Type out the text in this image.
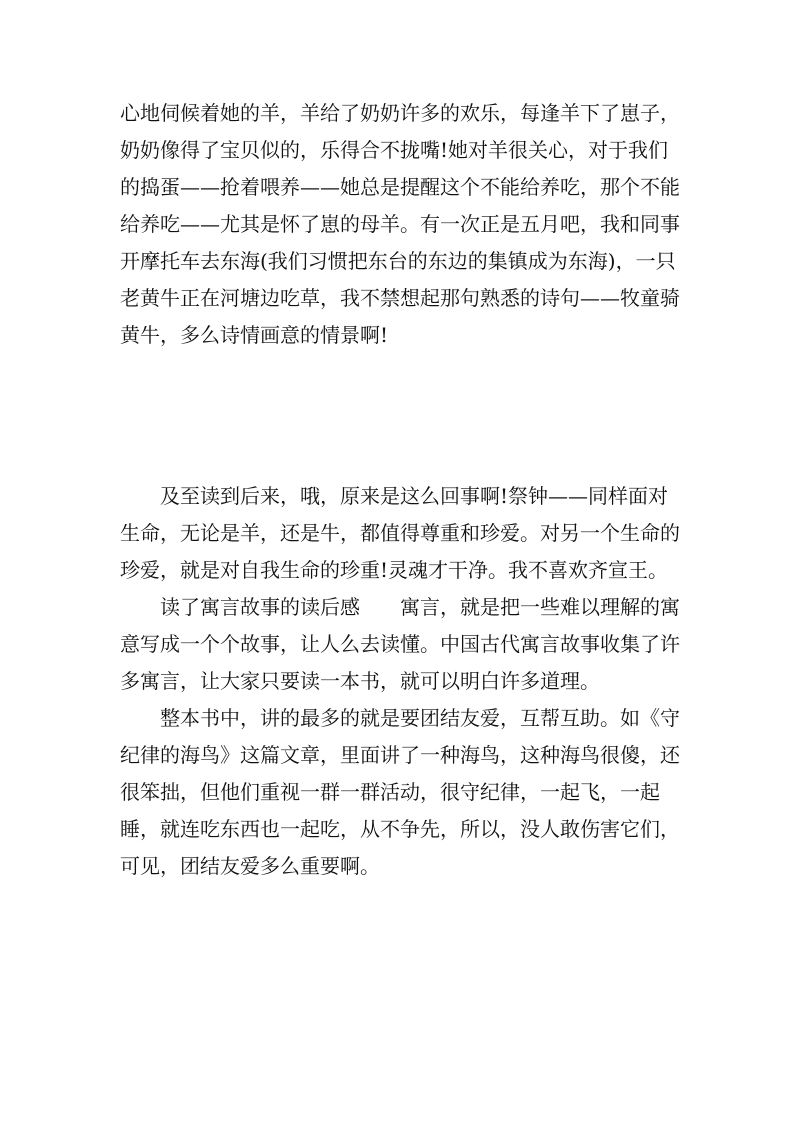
心地伺候着她的羊，羊给了奶奶许多的欢乐，每逢羊下了崽子，奶奶像得了宝贝似的，乐得合不拢嘴!她对羊很关心，对于我们的捣蛋——抢着喂养——她总是提醒这个不能给养吃，那个不能给养吃——尤其是怀了崽的母羊。有一次正是五月吧，我和同事开摩托车去东海(我们习惯把东台的东边的集镇成为东海)，一只老黄牛正在河塘边吃草，我不禁想起那句熟悉的诗句——牧童骑黄牛，多么诗情画意的情景啊!

及至读到后来，哦，原来是这么回事啊!祭钟——同样面对生命，无论是羊，还是牛，都值得尊重和珍爱。对另一个生命的珍爱，就是对自我生命的珍重!灵魂才干净。我不喜欢齐宣王。

读了寓言故事的读后感　　寓言，就是把一些难以理解的寓意写成一个个故事，让人么去读懂。中国古代寓言故事收集了许多寓言，让大家只要读一本书，就可以明白许多道理。

整本书中，讲的最多的就是要团结友爱，互帮互助。如《守纪律的海鸟》这篇文章，里面讲了一种海鸟，这种海鸟很傻，还很笨拙，但他们重视一群一群活动，很守纪律，一起飞，一起睡，就连吃东西也一起吃，从不争先，所以，没人敢伤害它们，可见，团结友爱多么重要啊。
